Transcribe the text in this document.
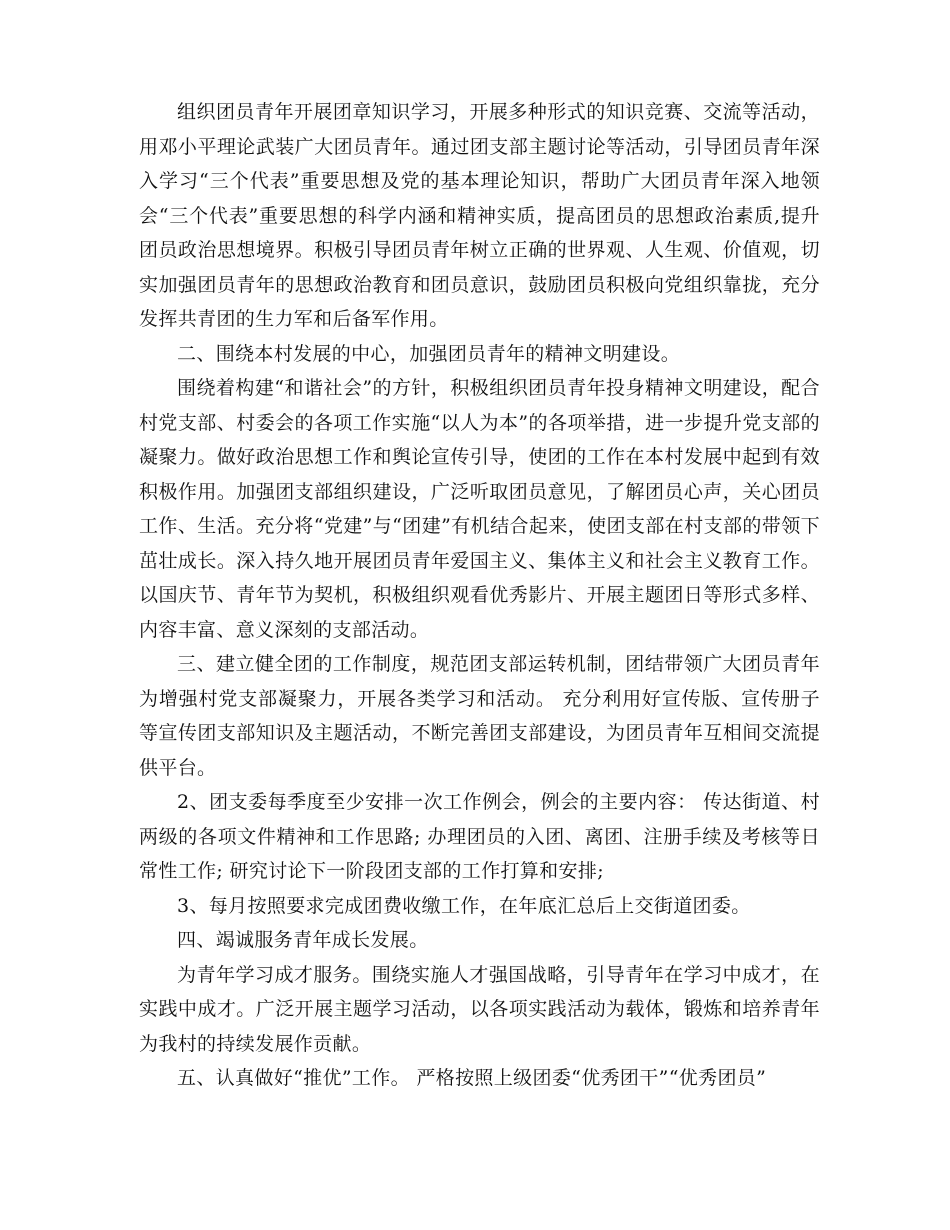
组织团员青年开展团章知识学习，开展多种形式的知识竞赛、交流等活动，用邓小平理论武装广大团员青年。通过团支部主题讨论等活动，引导团员青年深入学习“三个代表”重要思想及党的基本理论知识，帮助广大团员青年深入地领会“三个代表”重要思想的科学内涵和精神实质，提高团员的思想政治素质,提升团员政治思想境界。积极引导团员青年树立正确的世界观、人生观、价值观，切实加强团员青年的思想政治教育和团员意识，鼓励团员积极向党组织靠拢，充分发挥共青团的生力军和后备军作用。

二、围绕本村发展的中心，加强团员青年的精神文明建设。

围绕着构建“和谐社会”的方针，积极组织团员青年投身精神文明建设，配合村党支部、村委会的各项工作实施“以人为本”的各项举措，进一步提升党支部的凝聚力。做好政治思想工作和舆论宣传引导，使团的工作在本村发展中起到有效积极作用。加强团支部组织建设，广泛听取团员意见，了解团员心声，关心团员工作、生活。充分将“党建”与“团建”有机结合起来，使团支部在村支部的带领下茁壮成长。深入持久地开展团员青年爱国主义、集体主义和社会主义教育工作。以国庆节、青年节为契机，积极组织观看优秀影片、开展主题团日等形式多样、内容丰富、意义深刻的支部活动。

三、建立健全团的工作制度，规范团支部运转机制，团结带领广大团员青年为增强村党支部凝聚力，开展各类学习和活动。 充分利用好宣传版、宣传册子等宣传团支部知识及主题活动，不断完善团支部建设，为团员青年互相间交流提供平台。

2、团支委每季度至少安排一次工作例会，例会的主要内容： 传达街道、村两级的各项文件精神和工作思路; 办理团员的入团、离团、注册手续及考核等日常性工作; 研究讨论下一阶段团支部的工作打算和安排;

3、每月按照要求完成团费收缴工作，在年底汇总后上交街道团委。

四、竭诚服务青年成长发展。

为青年学习成才服务。围绕实施人才强国战略，引导青年在学习中成才，在实践中成才。广泛开展主题学习活动，以各项实践活动为载体，锻炼和培养青年为我村的持续发展作贡献。

五、认真做好“推优”工作。 严格按照上级团委“优秀团干”“优秀团员”
